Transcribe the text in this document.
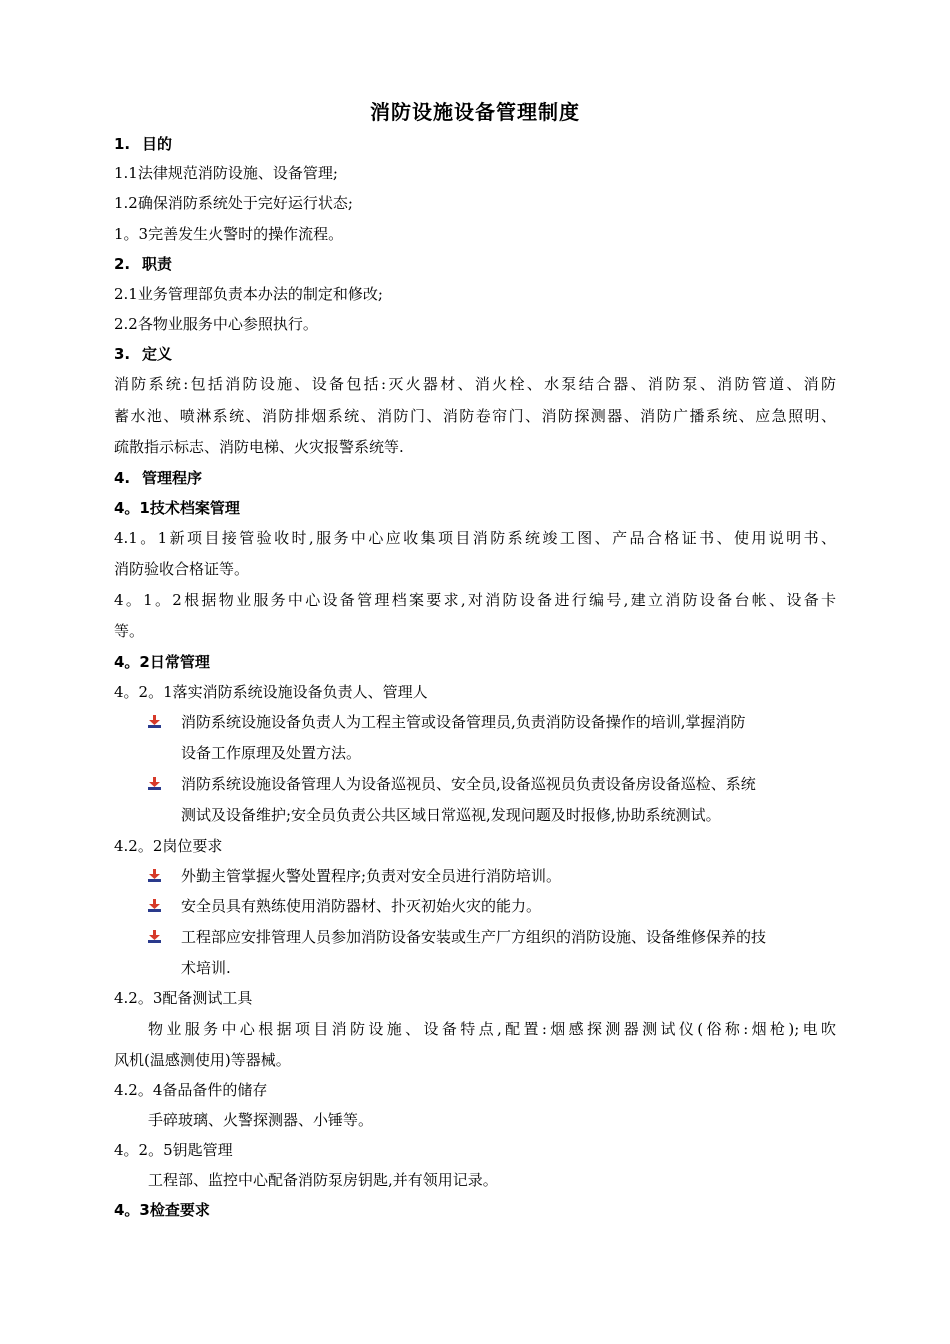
消防设施设备管理制度
1. 目的
1.1法律规范消防设施、设备管理;
1.2确保消防系统处于完好运行状态;
1。3完善发生火警时的操作流程。
2. 职责
2.1业务管理部负责本办法的制定和修改;
2.2各物业服务中心参照执行。
3. 定义
消防系统:包括消防设施、设备包括:灭火器材、消火栓、水泵结合器、消防泵、消防管道、消防
蓄水池、喷淋系统、消防排烟系统、消防门、消防卷帘门、消防探测器、消防广播系统、应急照明、
疏散指示标志、消防电梯、火灾报警系统等.
4. 管理程序
4。1技术档案管理
4.1。1新项目接管验收时,服务中心应收集项目消防系统竣工图、产品合格证书、使用说明书、
消防验收合格证等。
4。1。2根据物业服务中心设备管理档案要求,对消防设备进行编号,建立消防设备台帐、设备卡
等。
4。2日常管理
4。2。1落实消防系统设施设备负责人、管理人
消防系统设施设备负责人为工程主管或设备管理员,负责消防设备操作的培训,掌握消防
设备工作原理及处置方法。
消防系统设施设备管理人为设备巡视员、安全员,设备巡视员负责设备房设备巡检、系统
测试及设备维护;安全员负责公共区域日常巡视,发现问题及时报修,协助系统测试。
4.2。2岗位要求
外勤主管掌握火警处置程序;负责对安全员进行消防培训。
安全员具有熟练使用消防器材、扑灭初始火灾的能力。
工程部应安排管理人员参加消防设备安装或生产厂方组织的消防设施、设备维修保养的技
术培训.
4.2。3配备测试工具
物业服务中心根据项目消防设施、设备特点,配置:烟感探测器测试仪(俗称:烟枪);电吹
风机(温感测使用)等器械。
4.2。4备品备件的储存
手碎玻璃、火警探测器、小锤等。
4。2。5钥匙管理
工程部、监控中心配备消防泵房钥匙,并有领用记录。
4。3检查要求
